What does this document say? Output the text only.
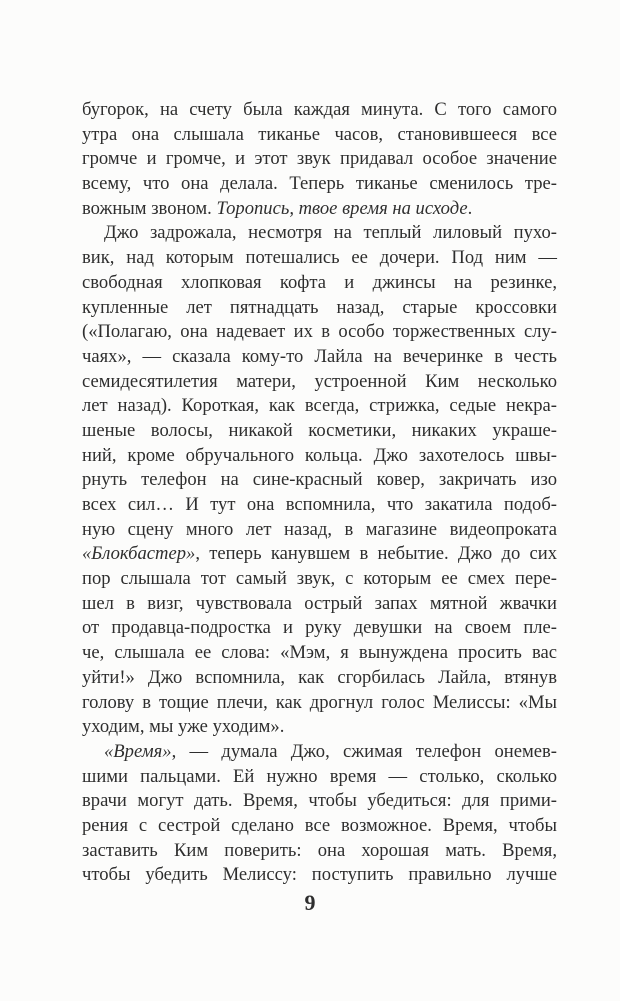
бугорок, на счету была каждая минута. С того самого
утра она слышала тиканье часов, становившееся все
громче и громче, и этот звук придавал особое значение
всему, что она делала. Теперь тиканье сменилось тре-
вожным звоном. Торопись, твое время на исходе.
Джо задрожала, несмотря на теплый лиловый пухо-
вик, над которым потешались ее дочери. Под ним —
свободная хлопковая кофта и джинсы на резинке,
купленные лет пятнадцать назад, старые кроссовки
(«Полагаю, она надевает их в особо торжественных слу-
чаях», — сказала кому-то Лайла на вечеринке в честь
семидесятилетия матери, устроенной Ким несколько
лет назад). Короткая, как всегда, стрижка, седые некра-
шеные волосы, никакой косметики, никаких украше-
ний, кроме обручального кольца. Джо захотелось швы-
рнуть телефон на сине-красный ковер, закричать изо
всех сил… И тут она вспомнила, что закатила подоб-
ную сцену много лет назад, в магазине видеопроката
«Блокбастер», теперь канувшем в небытие. Джо до сих
пор слышала тот самый звук, с которым ее смех пере-
шел в визг, чувствовала острый запах мятной жвачки
от продавца-подростка и руку девушки на своем пле-
че, слышала ее слова: «Мэм, я вынуждена просить вас
уйти!» Джо вспомнила, как сгорбилась Лайла, втянув
голову в тощие плечи, как дрогнул голос Мелиссы: «Мы
уходим, мы уже уходим».
«Время», — думала Джо, сжимая телефон онемев-
шими пальцами. Ей нужно время — столько, сколько
врачи могут дать. Время, чтобы убедиться: для прими-
рения с сестрой сделано все возможное. Время, чтобы
заставить Ким поверить: она хорошая мать. Время,
чтобы убедить Мелиссу: поступить правильно лучше
9
